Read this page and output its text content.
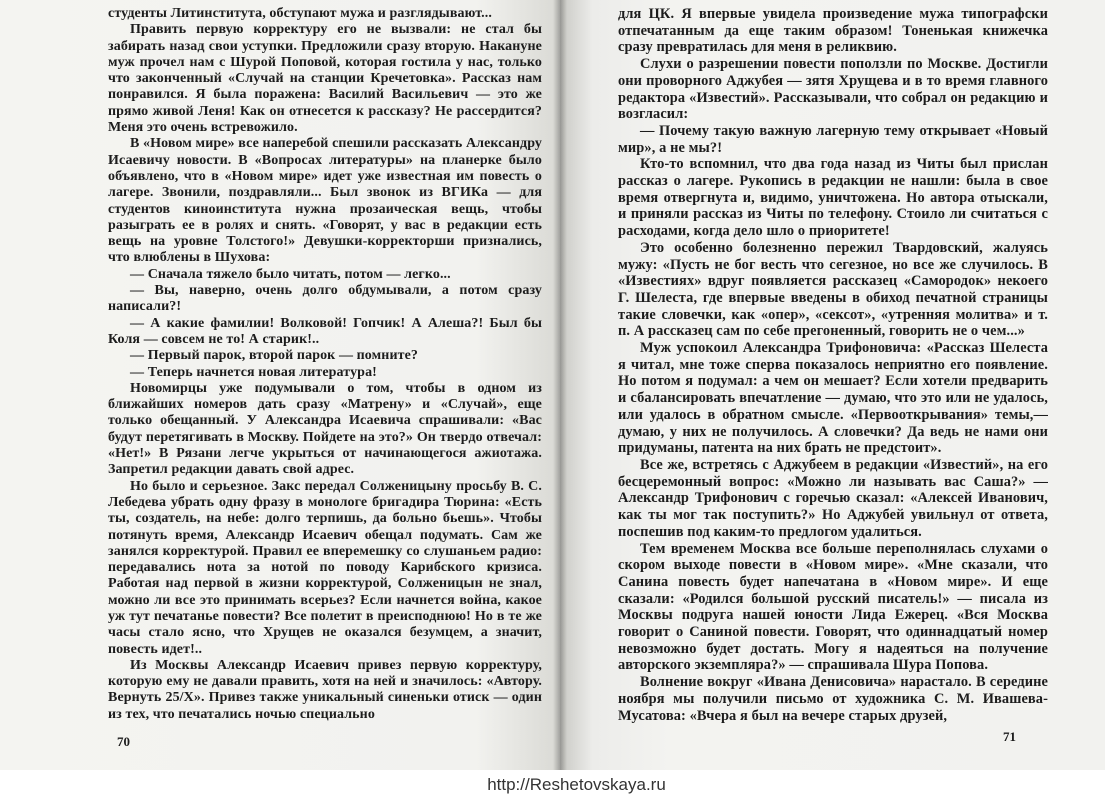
студенты Литинститута, обступают мужа и разглядывают...

Править первую корректуру его не вызвали: не стал бы забирать назад свои уступки. Предложили сразу вторую. Накануне муж прочел нам с Шурой Поповой, которая гостила у нас, только что законченный «Случай на станции Кречетовка». Рассказ нам понравился. Я была поражена: Василий Васильевич — это же прямо живой Леня! Как он отнесется к рассказу? Не рассердится? Меня это очень встревожило.

В «Новом мире» все наперебой спешили рассказать Александру Исаевичу новости. В «Вопросах литературы» на планерке было объявлено, что в «Новом мире» идет уже известная им повесть о лагере. Звонили, поздравляли... Был звонок из ВГИКа — для студентов киноинститута нужна прозаическая вещь, чтобы разыграть ее в ролях и снять. «Говорят, у вас в редакции есть вещь на уровне Толстого!» Девушки-корректорши признались, что влюблены в Шухова:

— Сначала тяжело было читать, потом — легко...

— Вы, наверно, очень долго обдумывали, а потом сразу написали?!

— А какие фамилии! Волковой! Гопчик! А Алеша?! Был бы Коля — совсем не то! А старик!..

— Первый парок, второй парок — помните?

— Теперь начнется новая литература!

Новомирцы уже подумывали о том, чтобы в одном из ближайших номеров дать сразу «Матрену» и «Случай», еще только обещанный. У Александра Исаевича спрашивали: «Вас будут перетягивать в Москву. Пойдете на это?» Он твердо отвечал: «Нет!» В Рязани легче укрыться от начинающегося ажиотажа. Запретил редакции давать свой адрес.

Но было и серьезное. Закс передал Солженицыну просьбу В. С. Лебедева убрать одну фразу в монологе бригадира Тюрина: «Есть ты, создатель, на небе: долго терпишь, да больно бьешь». Чтобы потянуть время, Александр Исаевич обещал подумать. Сам же занялся корректурой. Правил ее вперемешку со слушаньем радио: передавались нота за нотой по поводу Карибского кризиса. Работая над первой в жизни корректурой, Солженицын не знал, можно ли все это принимать всерьез? Если начнется война, какое уж тут печатанье повести? Все полетит в преисподнюю! Но в те же часы стало ясно, что Хрущев не оказался безумцем, а значит, повесть идет!..

Из Москвы Александр Исаевич привез первую корректуру, которую ему не давали править, хотя на ней и значилось: «Автору. Вернуть 25/X». Привез также уникальный синеньки отиск — один из тех, что печатались ночью специально

для ЦК. Я впервые увидела произведение мужа типографски отпечатанным да еще таким образом! Тоненькая книжечка сразу превратилась для меня в реликвию.

Слухи о разрешении повести поползли по Москве. Достигли они проворного Аджубея — зятя Хрущева и в то время главного редактора «Известий». Рассказывали, что собрал он редакцию и возгласил:

— Почему такую важную лагерную тему открывает «Новый мир», а не мы?!

Кто-то вспомнил, что два года назад из Читы был прислан рассказ о лагере. Рукопись в редакции не нашли: была в свое время отвергнута и, видимо, уничтожена. Но автора отыскали, и приняли рассказ из Читы по телефону. Стоило ли считаться с расходами, когда дело шло о приоритете!

Это особенно болезненно пережил Твардовский, жалуясь мужу: «Пусть не бог весть что сегезное, но все же случилось. В «Известиях» вдруг появляется рассказец «Самородок» некоего Г. Шелеста, где впервые введены в обиход печатной страницы такие словечки, как «опер», «сексот», «утренняя молитва» и т. п. А рассказец сам по себе прегоненный, говорить не о чем...»

Муж успокоил Александра Трифоновича: «Рассказ Шелеста я читал, мне тоже сперва показалось неприятно его появление. Но потом я подумал: а чем он мешает? Если хотели предварить и сбалансировать впечатление — думаю, что это или не удалось, или удалось в обратном смысле. «Первооткрывания» темы,— думаю, у них не получилось. А словечки? Да ведь не нами они придуманы, патента на них брать не предстоит».

Все же, встретясь с Аджубеем в редакции «Известий», на его бесцеремонный вопрос: «Можно ли называть вас Саша?» — Александр Трифонович с горечью сказал: «Алексей Иванович, как ты мог так поступить?» Но Аджубей увильнул от ответа, поспешив под каким-то предлогом удалиться.

Тем временем Москва все больше переполнялась слухами о скором выходе повести в «Новом мире». «Мне сказали, что Санина повесть будет напечатана в «Новом мире». И еще сказали: «Родился большой русский писатель!» — писала из Москвы подруга нашей юности Лида Ежерец. «Вся Москва говорит о Саниной повести. Говорят, что одиннадцатый номер невозможно будет достать. Могу я надеяться на получение авторского экземпляра?» — спрашивала Шура Попова.

Волнение вокруг «Ивана Денисовича» нарастало. В середине ноября мы получили письмо от художника С. М. Ивашева-Мусатова: «Вчера я был на вечере старых друзей,

70	71
http://Reshetovskaya.ru
